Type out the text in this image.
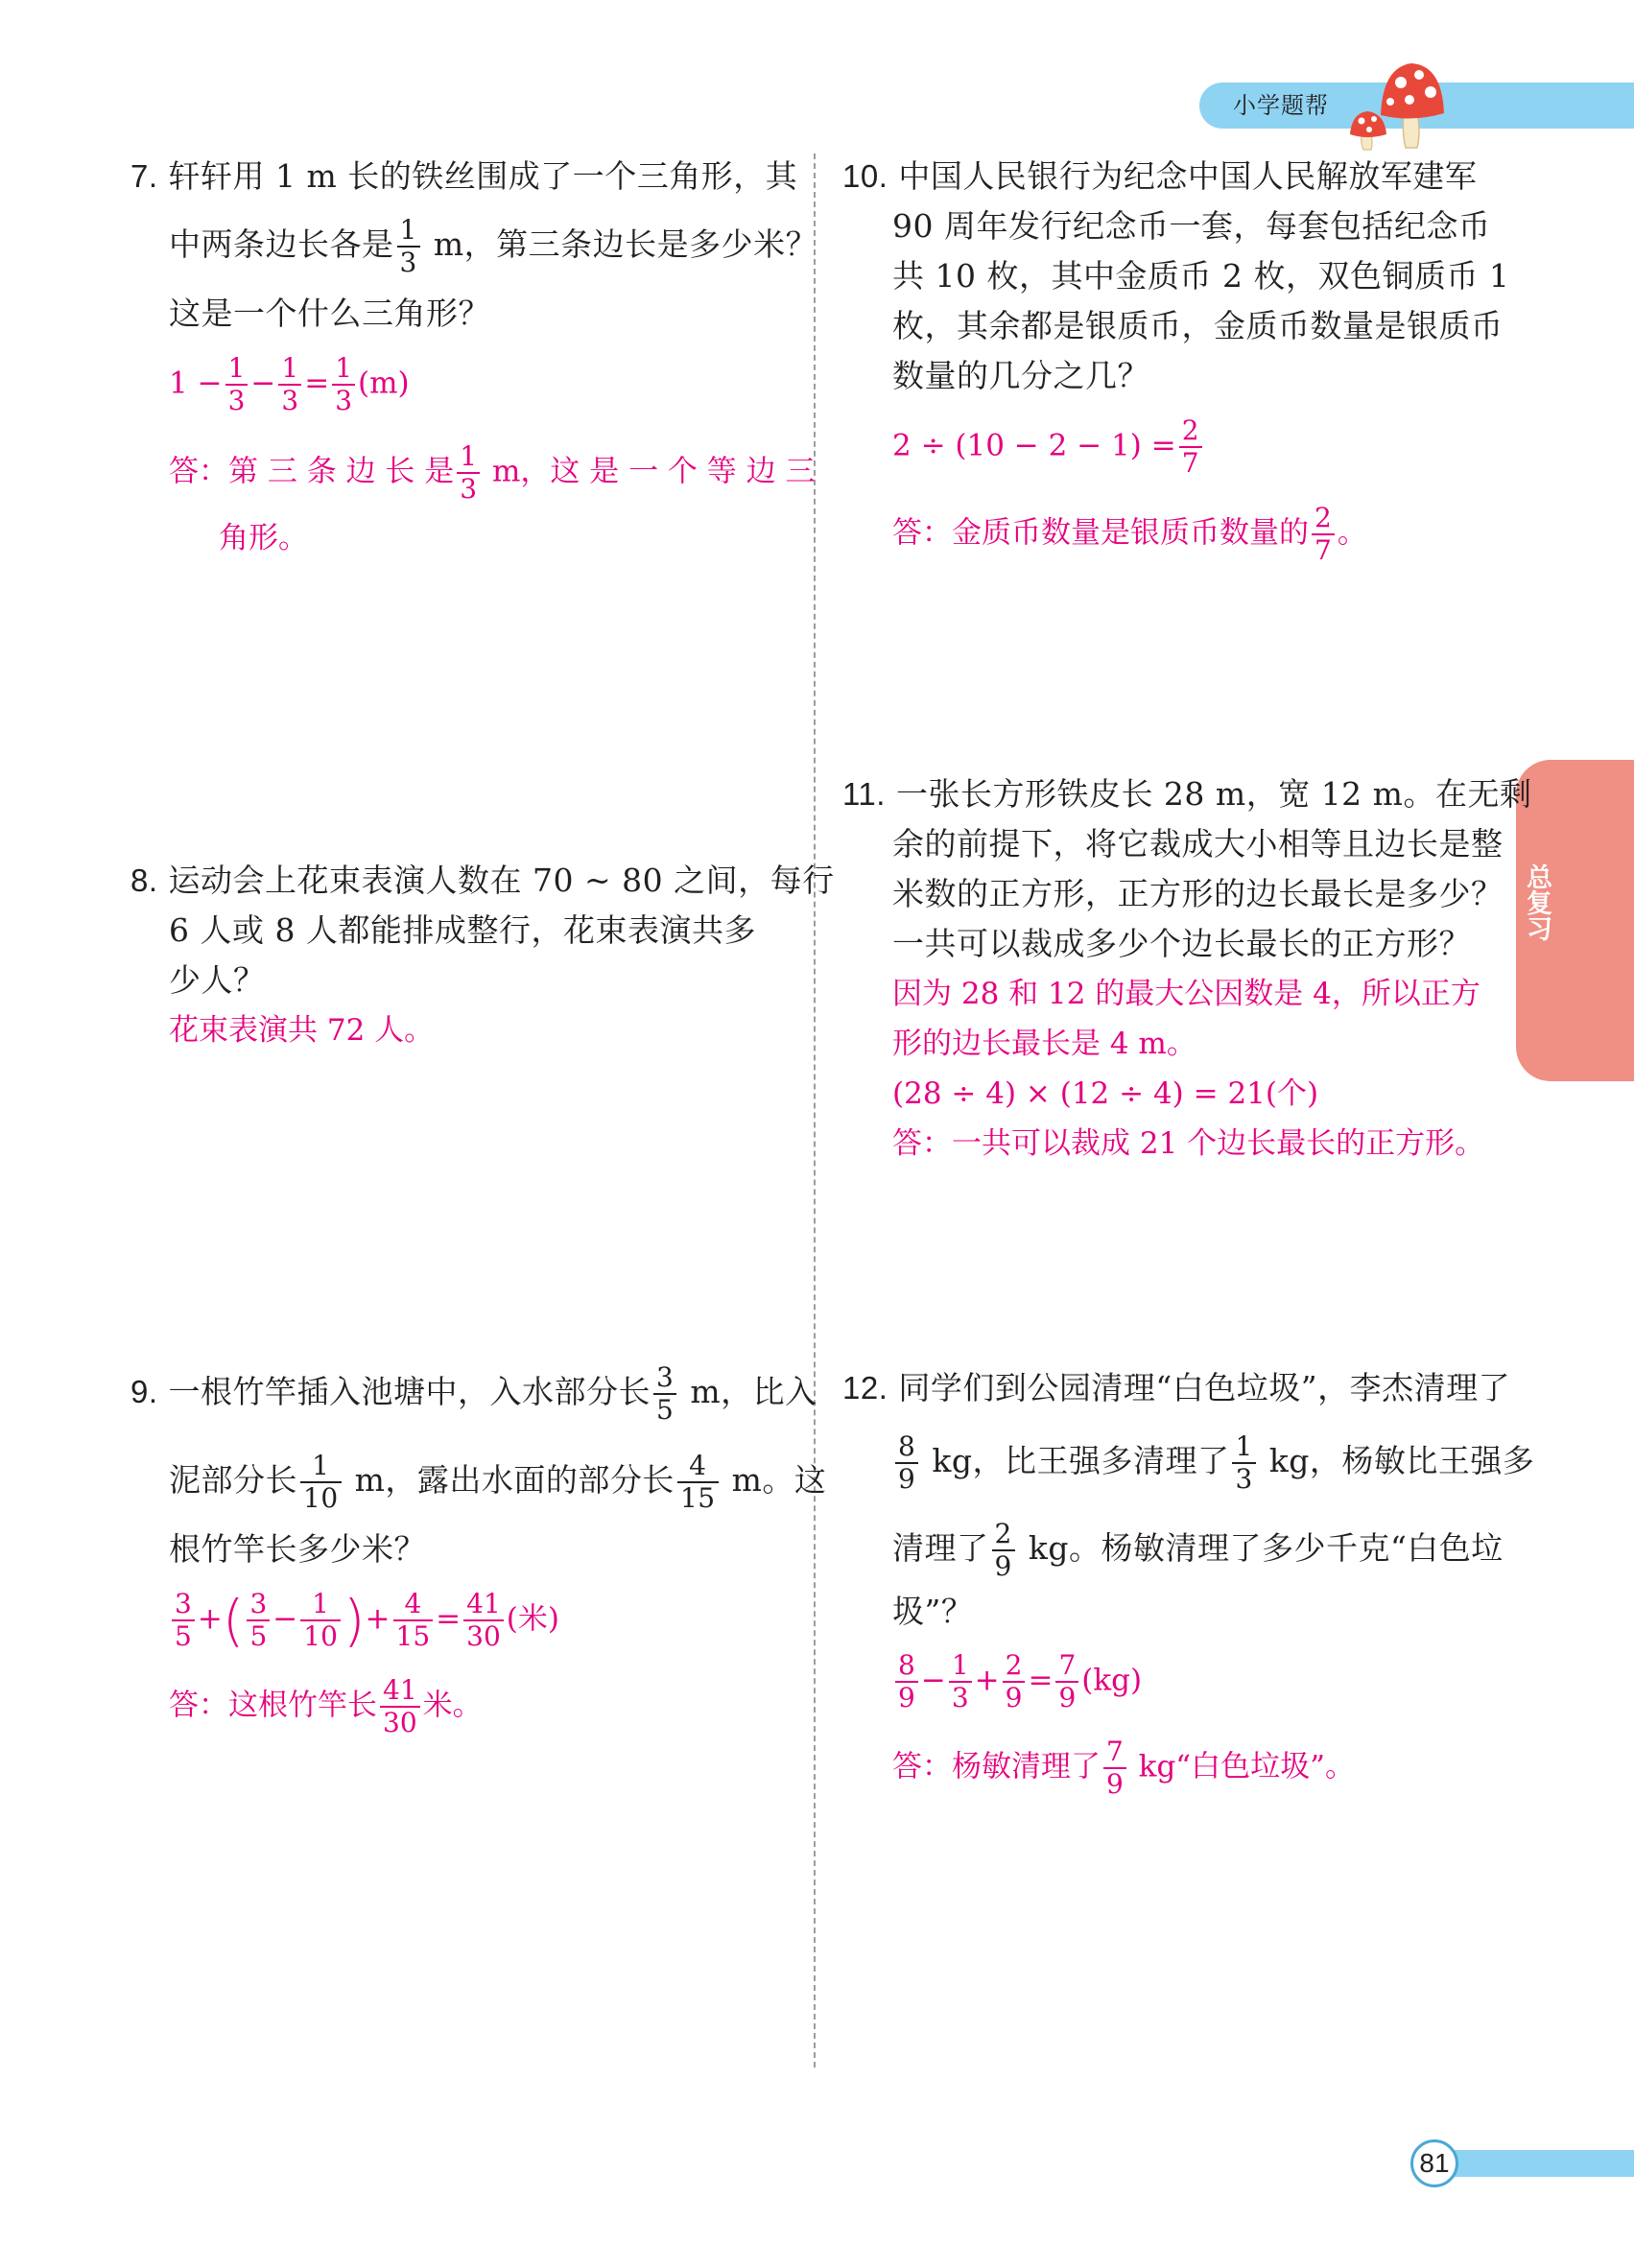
小学题帮
总复习
7. 轩轩用 1 m 长的铁丝围成了一个三角形，其
中两条边长各是 $\frac{1}{3}$ m，第三条边长是多少米？
这是一个什么三角形？
$1 - \frac{1}{3} - \frac{1}{3} = \frac{1}{3} (m)$
答：第 三 条 边 长 是 $\frac{1}{3}$ m，这 是 一 个 等 边 三
角形。
8. 运动会上花束表演人数在 70 ~ 80 之间，每行
6 人或 8 人都能排成整行，花束表演共多
少人？
花束表演共 72 人。
9. 一根竹竿插入池塘中，入水部分长 $\frac{3}{5}$ m，比入
泥部分长 $\frac{1}{10}$ m，露出水面的部分长 $\frac{4}{15}$ m。这
根竹竿长多少米？
$\frac{3}{5}$ +( $\frac{3}{5} - \frac{1}{10}$ )+ $\frac{4}{15} = \frac{41}{30}$ (米)
答：这根竹竿长 $\frac{41}{30}$ 米。
10. 中国人民银行为纪念中国人民解放军建军
90 周年发行纪念币一套，每套包括纪念币
共 10 枚，其中金质币 2 枚，双色铜质币 1
枚，其余都是银质币，金质币数量是银质币
数量的几分之几？
$2 \div (10 - 2 - 1) = \frac{2}{7}$
答：金质币数量是银质币数量的 $\frac{2}{7}$ 。
11. 一张长方形铁皮长 28 m，宽 12 m。在无剩
余的前提下，将它裁成大小相等且边长是整
米数的正方形，正方形的边长最长是多少？
一共可以裁成多少个边长最长的正方形？
因为 28 和 12 的最大公因数是 4，所以正方
形的边长最长是 4 m。
(28 ÷ 4) × (12 ÷ 4) = 21(个)
答：一共可以裁成 21 个边长最长的正方形。
12. 同学们到公园清理“白色垃圾”，李杰清理了
$\frac{8}{9}$ kg，比王强多清理了 $\frac{1}{3}$ kg，杨敏比王强多
清理了 $\frac{2}{9}$ kg。杨敏清理了多少千克“白色垃
圾”？
$\frac{8}{9} - \frac{1}{3} + \frac{2}{9} = \frac{7}{9} (kg)$
答：杨敏清理了 $\frac{7}{9}$ kg“白色垃圾”。
81
